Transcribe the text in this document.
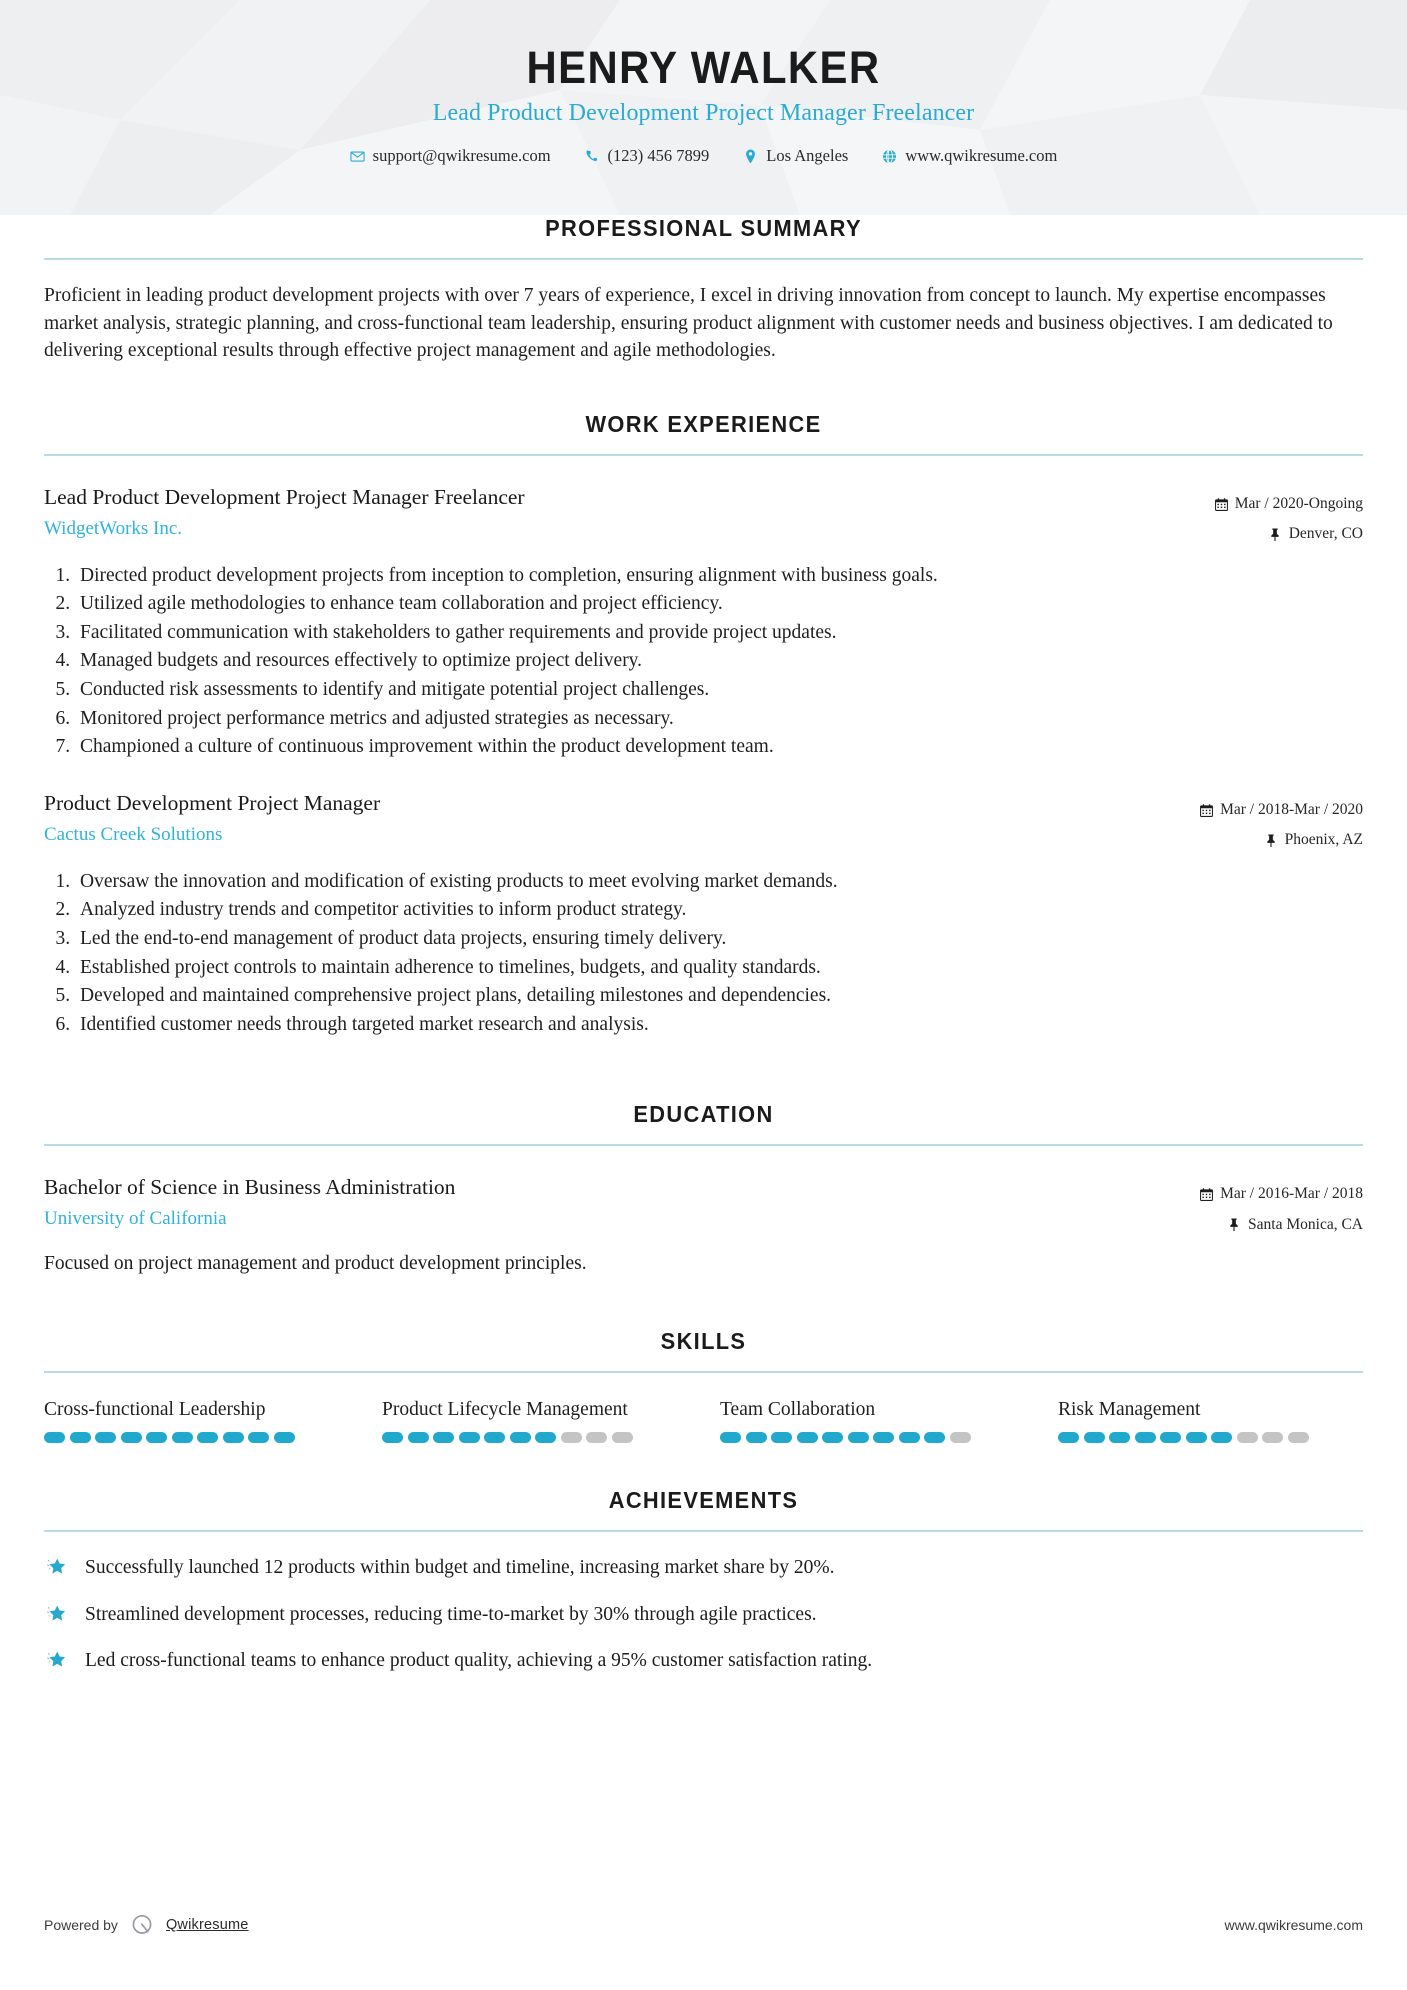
HENRY WALKER
Lead Product Development Project Manager Freelancer
support@qwikresume.com	(123) 456 7899	Los Angeles	www.qwikresume.com
PROFESSIONAL SUMMARY

Proficient in leading product development projects with over 7 years of experience, I excel in driving innovation from concept to launch. My expertise encompasses market analysis, strategic planning, and cross-functional team leadership, ensuring product alignment with customer needs and business objectives. I am dedicated to delivering exceptional results through effective project management and agile methodologies.

WORK EXPERIENCE
Lead Product Development Project Manager Freelancer
WidgetWorks Inc.
Mar / 2020-Ongoing
Denver, CO
1. Directed product development projects from inception to completion, ensuring alignment with business goals.
2. Utilized agile methodologies to enhance team collaboration and project efficiency.
3. Facilitated communication with stakeholders to gather requirements and provide project updates.
4. Managed budgets and resources effectively to optimize project delivery.
5. Conducted risk assessments to identify and mitigate potential project challenges.
6. Monitored project performance metrics and adjusted strategies as necessary.
7. Championed a culture of continuous improvement within the product development team.
Product Development Project Manager
Cactus Creek Solutions
Mar / 2018-Mar / 2020
Phoenix, AZ
1. Oversaw the innovation and modification of existing products to meet evolving market demands.
2. Analyzed industry trends and competitor activities to inform product strategy.
3. Led the end-to-end management of product data projects, ensuring timely delivery.
4. Established project controls to maintain adherence to timelines, budgets, and quality standards.
5. Developed and maintained comprehensive project plans, detailing milestones and dependencies.
6. Identified customer needs through targeted market research and analysis.
EDUCATION
Bachelor of Science in Business Administration
University of California
Mar / 2016-Mar / 2018
Santa Monica, CA
Focused on project management and product development principles.
SKILLS
Cross-functional Leadership	Product Lifecycle Management	Team Collaboration	Risk Management
ACHIEVEMENTS
Successfully launched 12 products within budget and timeline, increasing market share by 20%.
Streamlined development processes, reducing time-to-market by 30% through agile practices.
Led cross-functional teams to enhance product quality, achieving a 95% customer satisfaction rating.
Powered by	Qwikresume	www.qwikresume.com
